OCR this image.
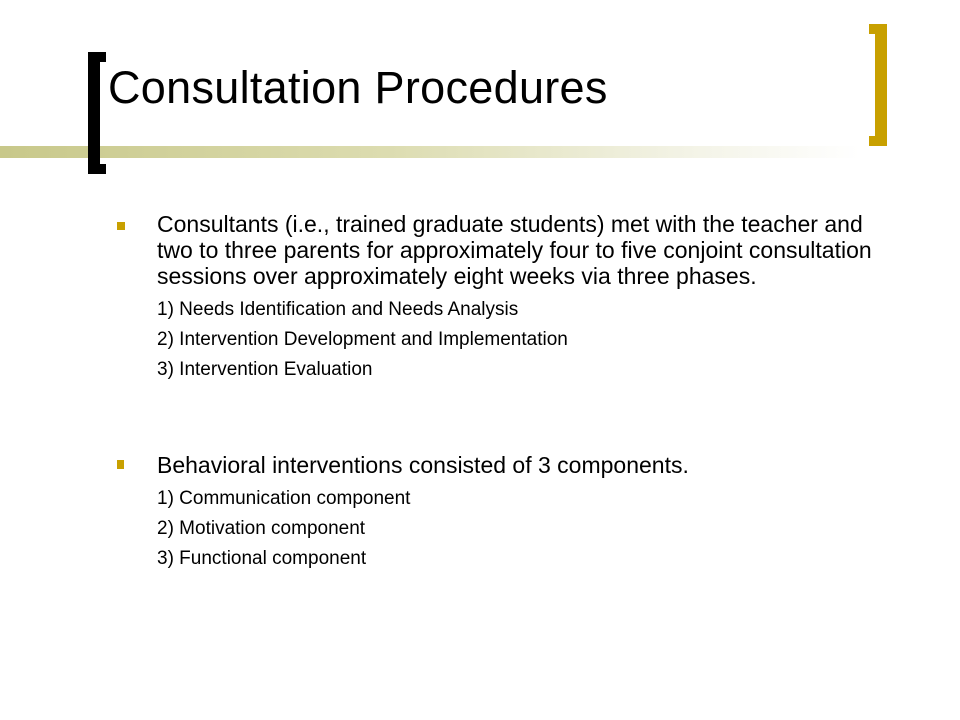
Consultation Procedures

Consultants (i.e., trained graduate students) met with the teacher and two to three parents for approximately four to five conjoint consultation sessions over approximately eight weeks via three phases.

1) Needs Identification and Needs Analysis
2) Intervention Development and Implementation
3) Intervention Evaluation

Behavioral interventions consisted of 3 components.

1) Communication component
2) Motivation component
3) Functional component
